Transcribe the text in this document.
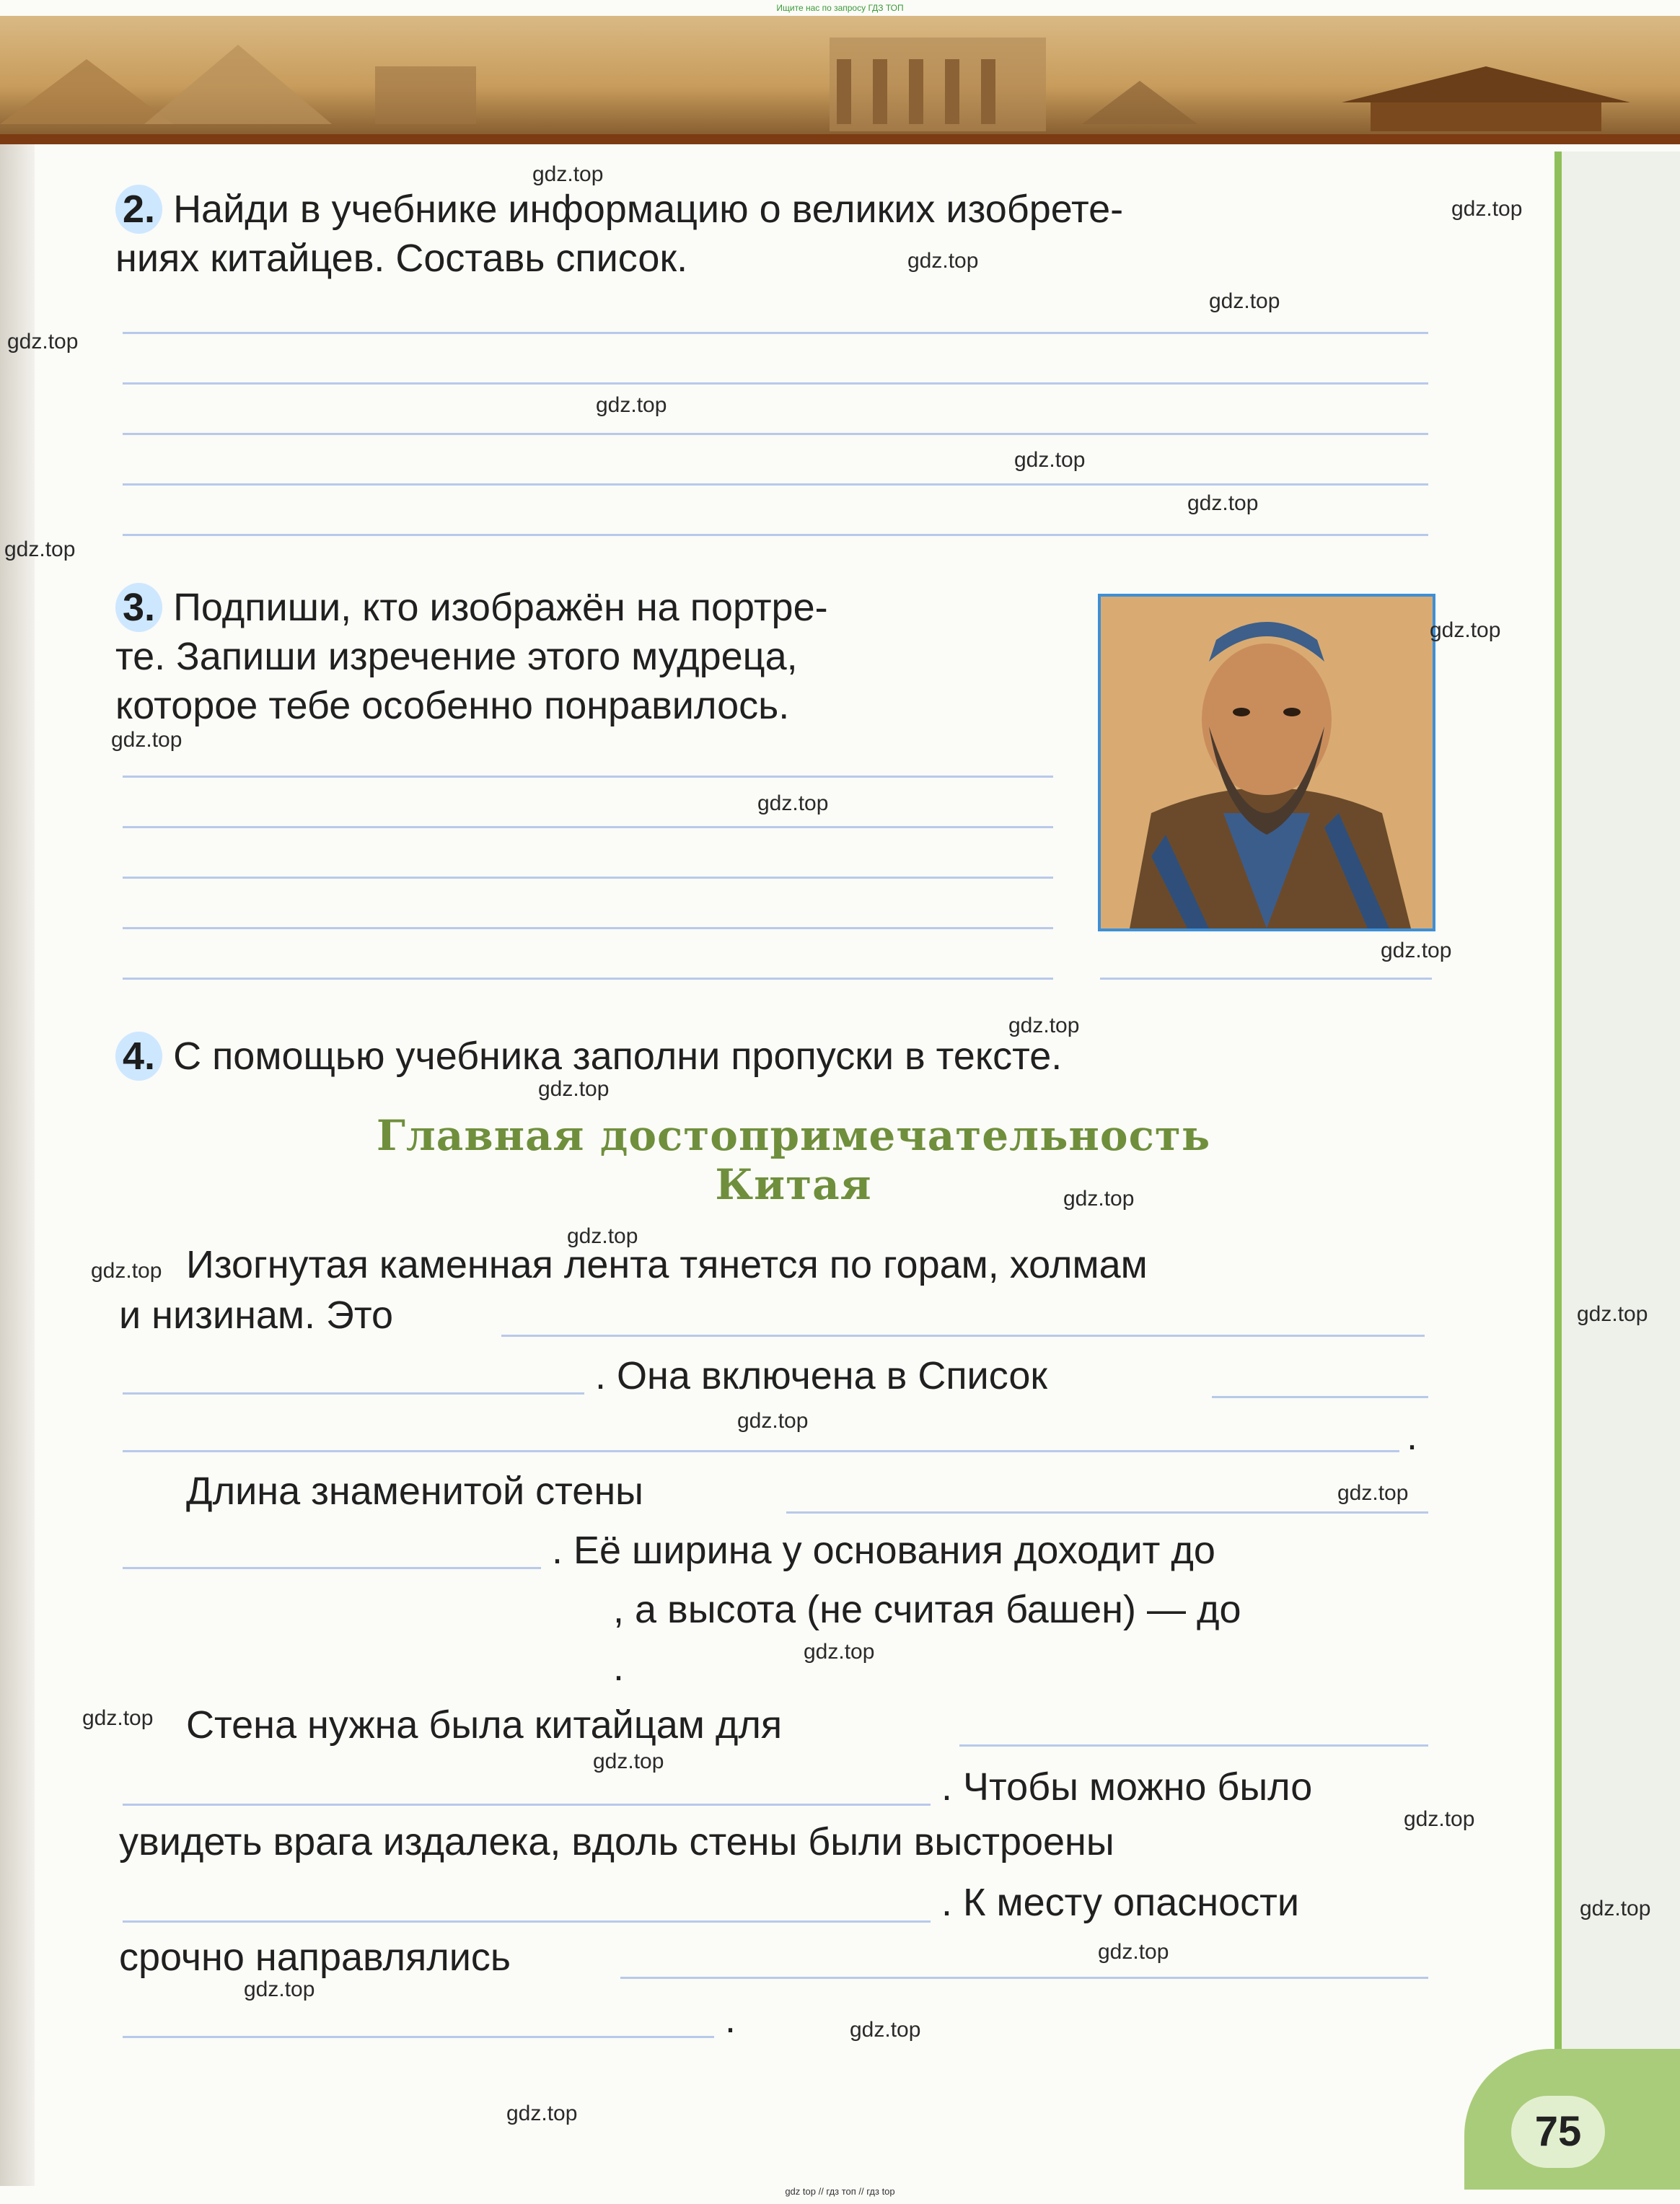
Ищите нас по запросу ГДЗ ТОП
2. Найди в учебнике информацию о великих изобрете-
ниях китайцев. Составь список.
3. Подпиши, кто изображён на портре-
те. Запиши изречение этого мудреца,
которое тебе особенно понравилось.
4. С помощью учебника заполни пропуски в тексте.
Главная достопримечательность
Китая
Изогнутая каменная лента тянется по горам, холмам
и низинам. Это
. Она включена в Список
.
Длина знаменитой стены
. Её ширина у основания доходит до
, а высота (не считая башен) — до
.
Стена нужна была китайцам для
. Чтобы можно было
увидеть врага издалека, вдоль стены были выстроены
. К месту опасности
срочно направлялись
.
gdz.top
gdz.top
gdz.top
gdz.top
gdz.top
gdz.top
gdz.top
gdz.top
gdz.top
gdz.top
gdz.top
gdz.top
gdz.top
gdz.top
gdz.top
gdz.top
gdz.top
gdz.top
gdz.top
gdz.top
gdz.top
gdz.top
gdz.top
gdz.top
gdz.top
gdz.top
gdz.top
gdz.top
gdz.top
gdz.top	75
gdz top // гдз топ // гдз top
